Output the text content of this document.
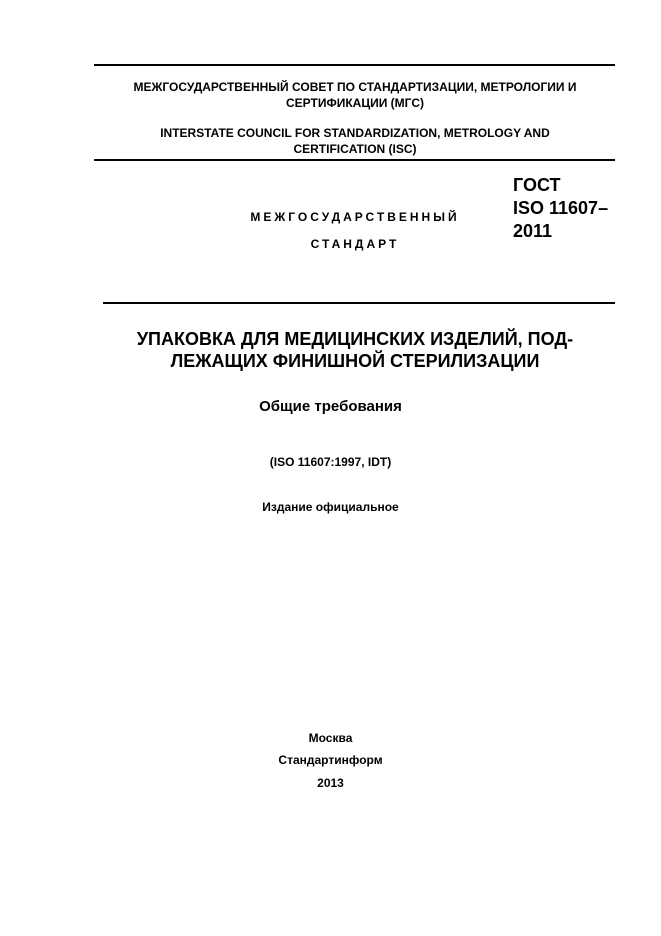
МЕЖГОСУДАРСТВЕННЫЙ СОВЕТ ПО СТАНДАРТИЗАЦИИ, МЕТРОЛОГИИ И
СЕРТИФИКАЦИИ (МГС)
INTERSTATE COUNCIL FOR STANDARDIZATION, METROLOGY AND
CERTIFICATION (ISC)
МЕЖГОСУДАРСТВЕННЫЙ
СТАНДАРТ
ГОСТ
ISO 11607–
2011
УПАКОВКА ДЛЯ МЕДИЦИНСКИХ ИЗДЕЛИЙ, ПОД-
ЛЕЖАЩИХ ФИНИШНОЙ СТЕРИЛИЗАЦИИ
Общие требования
(ISO 11607:1997, IDT)
Издание официальное
Москва
Стандартинформ
2013
